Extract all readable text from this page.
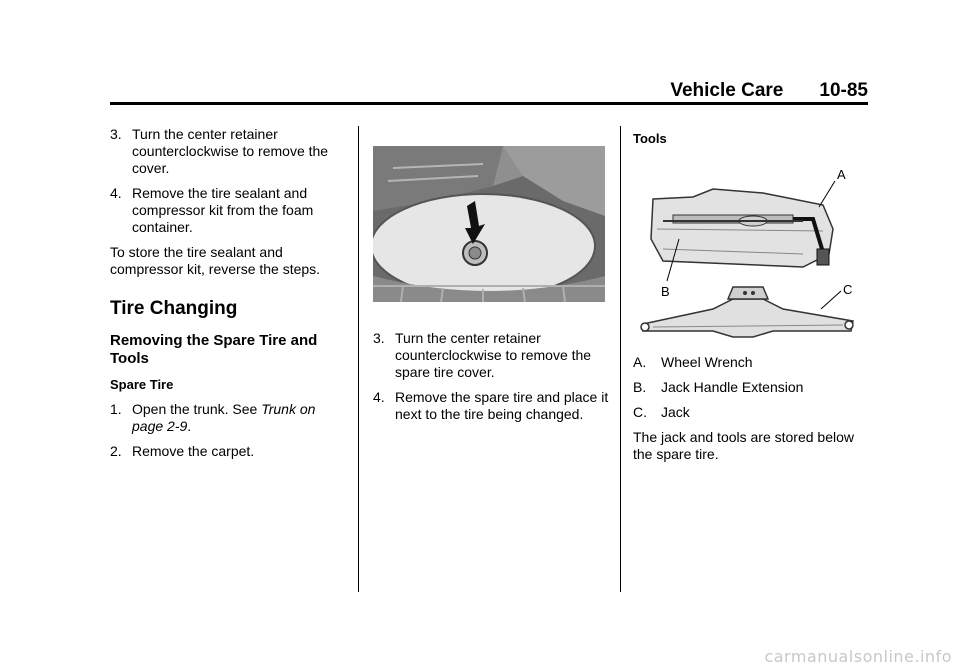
Vehicle Care 10-85
3. Turn the center retainer counterclockwise to remove the cover.
4. Remove the tire sealant and compressor kit from the foam container.

To store the tire sealant and compressor kit, reverse the steps.

Tire Changing
Removing the Spare Tire and Tools
Spare Tire
1. Open the trunk. See Trunk on page 2-9.
2. Remove the carpet.
3. Turn the center retainer counterclockwise to remove the spare tire cover.
4. Remove the spare tire and place it next to the tire being changed.
Tools
A
B	C
A. Wheel Wrench
B. Jack Handle Extension
C. Jack

The jack and tools are stored below the spare tire.

carmanualsonline.info
